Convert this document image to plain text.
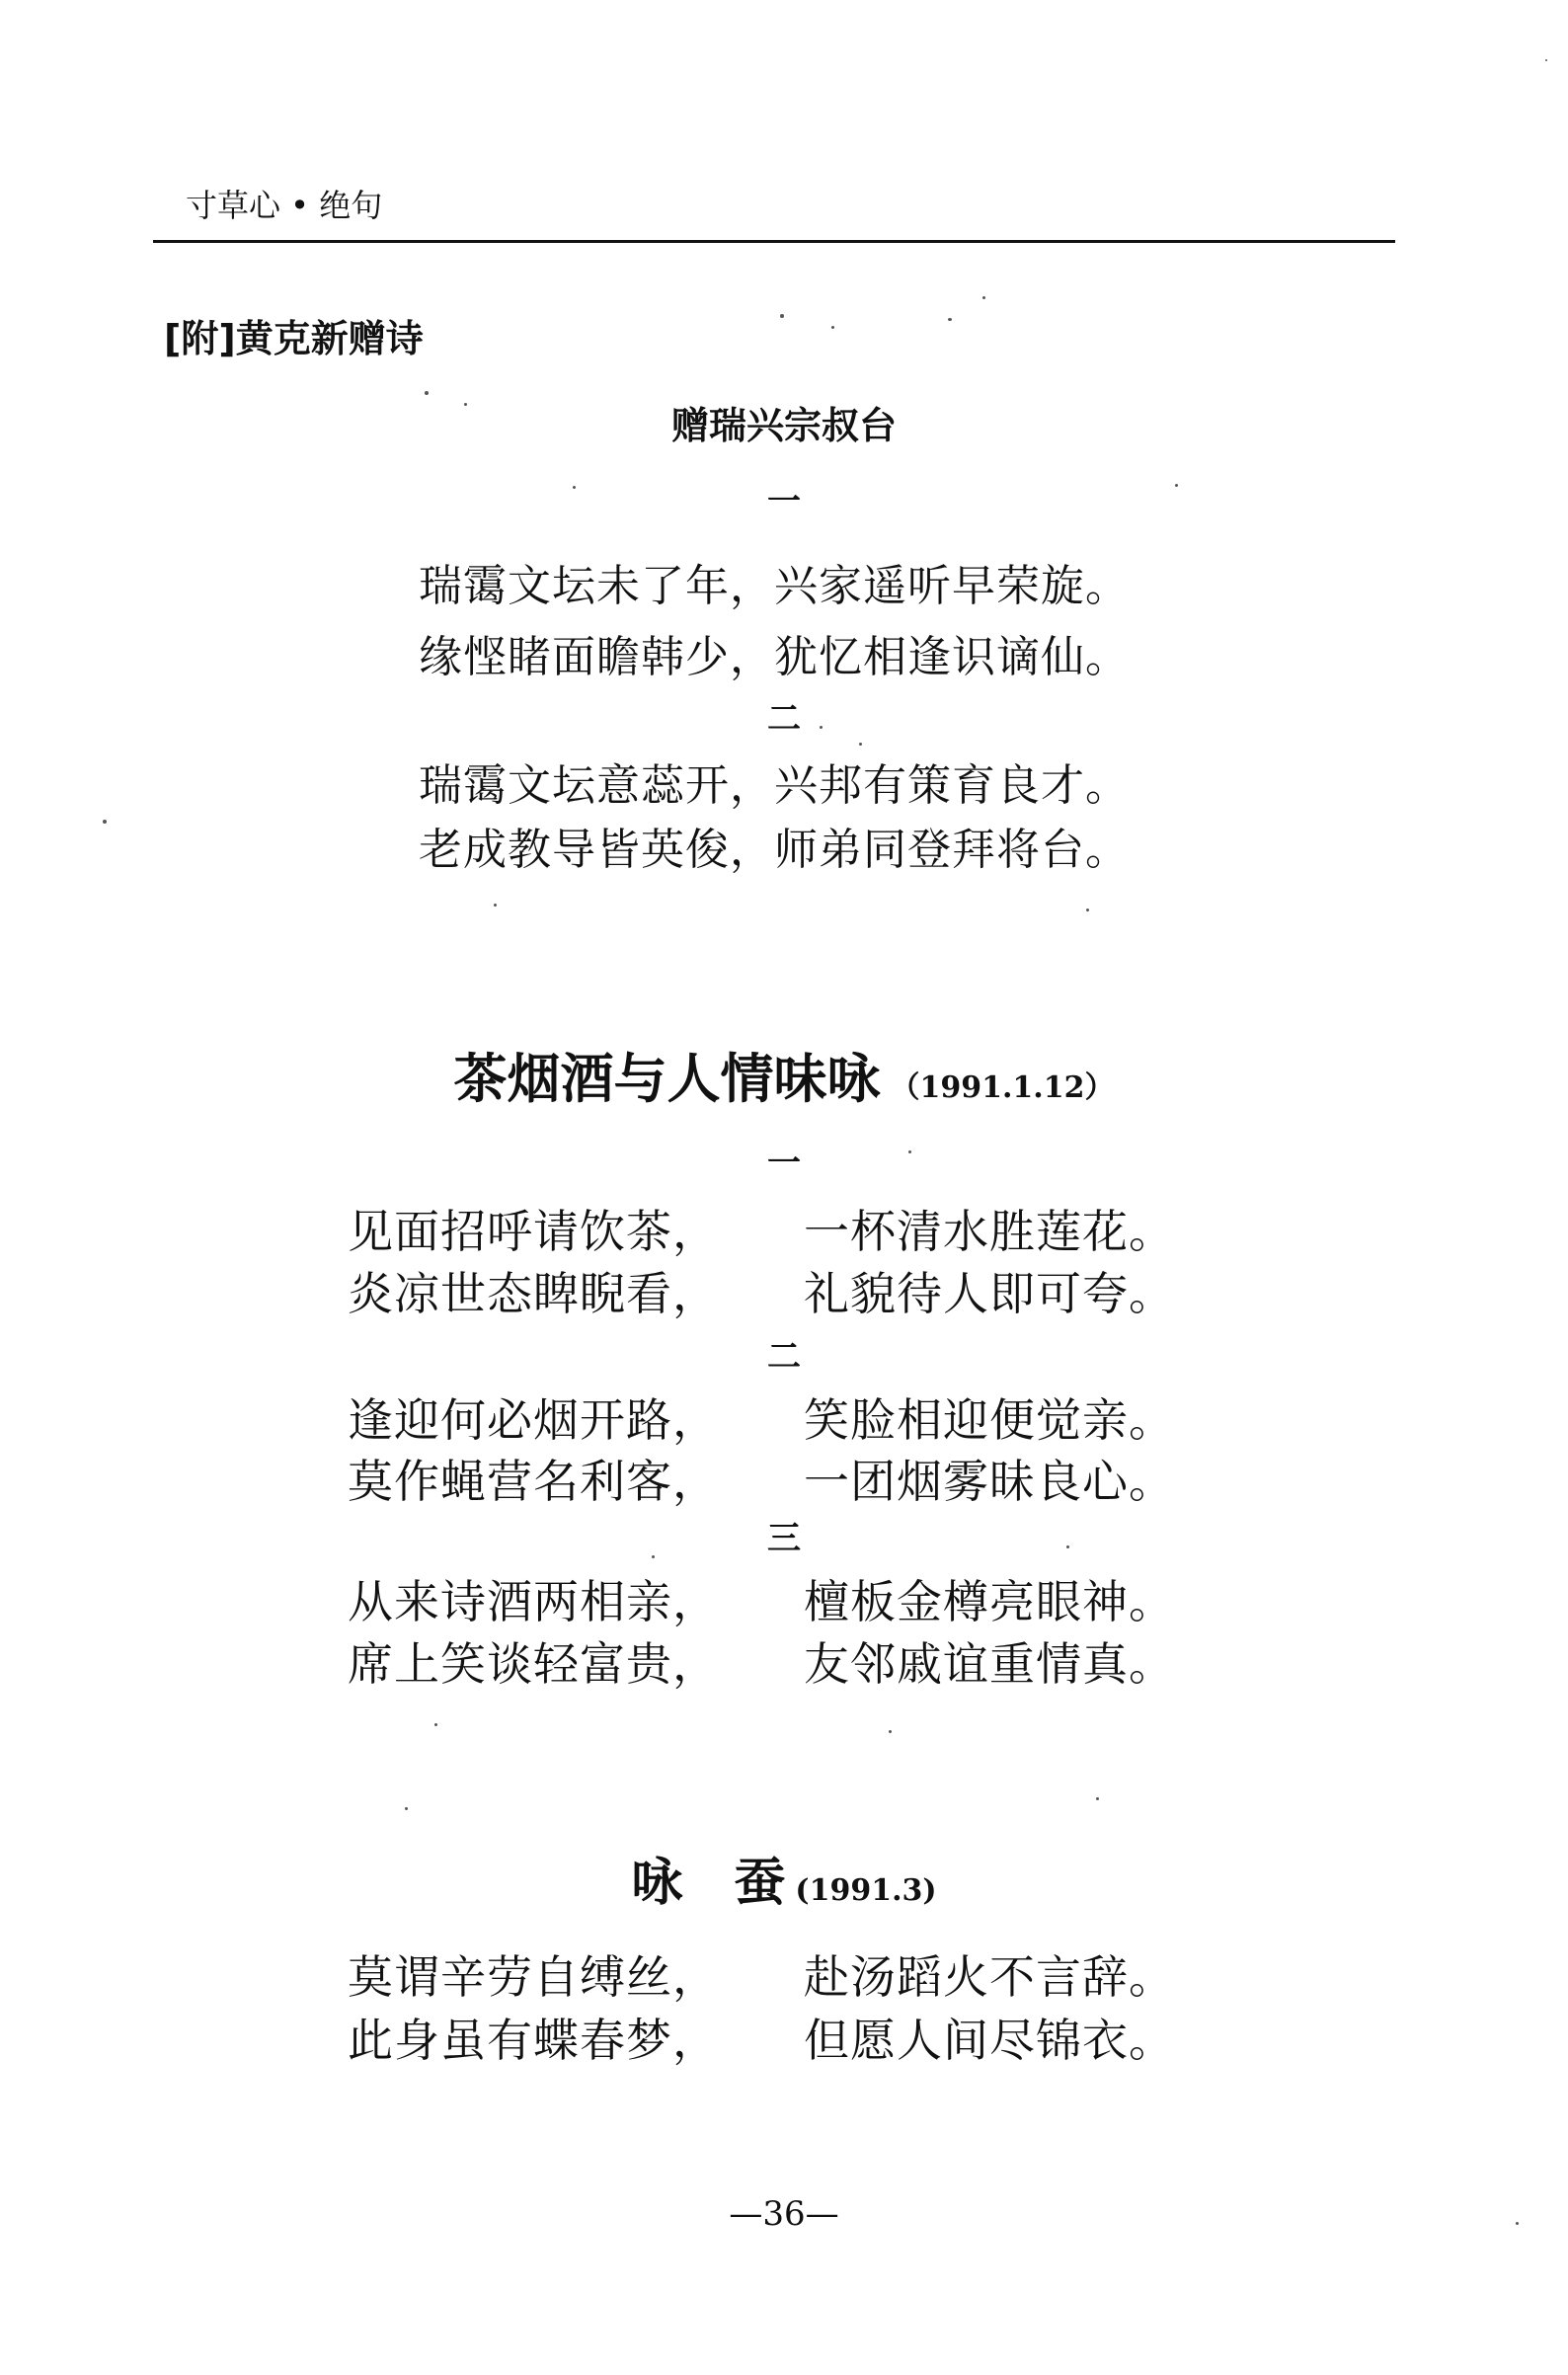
寸草心 • 绝句
[附]黄克新赠诗
赠瑞兴宗叔台
一
瑞霭文坛未了年，兴家遥听早荣旋。
缘悭睹面瞻韩少，犹忆相逢识谪仙。
二
瑞霭文坛意蕊开，兴邦有策育良才。
老成教导皆英俊，师弟同登拜将台。
茶烟酒与人情味咏 （1991.1.12）
一
见面招呼请饮茶， 一杯清水胜莲花。
炎凉世态睥睨看， 礼貌待人即可夸。
二
逢迎何必烟开路， 笑脸相迎便觉亲。
莫作蝇营名利客， 一团烟雾昧良心。
三
从来诗酒两相亲， 檀板金樽亮眼神。
席上笑谈轻富贵， 友邻戚谊重情真。
咏　蚕 (1991.3)
莫谓辛劳自缚丝， 赴汤蹈火不言辞。
此身虽有蝶春梦， 但愿人间尽锦衣。
—36—
